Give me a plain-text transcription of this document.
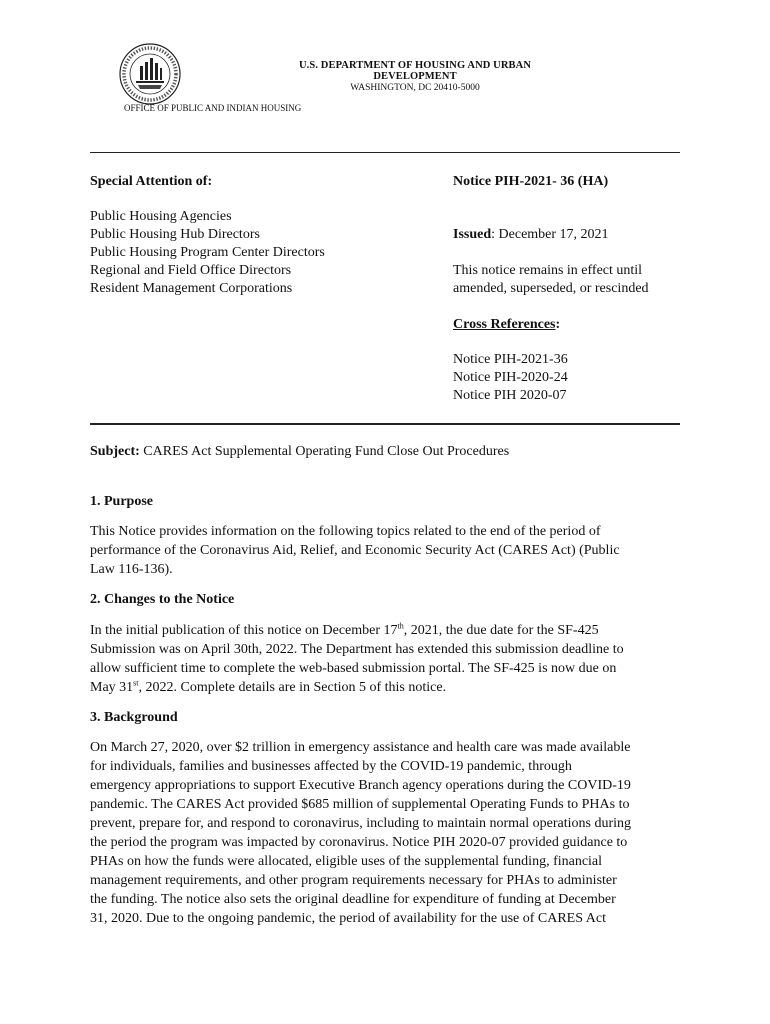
U.S. DEPARTMENT OF HOUSING AND URBAN DEVELOPMENT
WASHINGTON, DC 20410-5000
OFFICE OF PUBLIC AND INDIAN HOUSING
Special Attention of:
Public Housing Agencies
Public Housing Hub Directors
Public Housing Program Center Directors
Regional and Field Office Directors
Resident Management Corporations
Notice PIH-2021- 36 (HA)
Issued: December 17, 2021
This notice remains in effect until
amended, superseded, or rescinded
Cross References:
Notice PIH-2021-36
Notice PIH-2020-24
Notice PIH 2020-07
Subject: CARES Act Supplemental Operating Fund Close Out Procedures
1. Purpose
This Notice provides information on the following topics related to the end of the period of
performance of the Coronavirus Aid, Relief, and Economic Security Act (CARES Act) (Public
Law 116-136).
2. Changes to the Notice
In the initial publication of this notice on December 17th, 2021, the due date for the SF-425
Submission was on April 30th, 2022. The Department has extended this submission deadline to
allow sufficient time to complete the web-based submission portal. The SF-425 is now due on
May 31st, 2022. Complete details are in Section 5 of this notice.
3. Background
On March 27, 2020, over $2 trillion in emergency assistance and health care was made available
for individuals, families and businesses affected by the COVID-19 pandemic, through
emergency appropriations to support Executive Branch agency operations during the COVID-19
pandemic. The CARES Act provided $685 million of supplemental Operating Funds to PHAs to
prevent, prepare for, and respond to coronavirus, including to maintain normal operations during
the period the program was impacted by coronavirus. Notice PIH 2020-07 provided guidance to
PHAs on how the funds were allocated, eligible uses of the supplemental funding, financial
management requirements, and other program requirements necessary for PHAs to administer
the funding. The notice also sets the original deadline for expenditure of funding at December
31, 2020. Due to the ongoing pandemic, the period of availability for the use of CARES Act
